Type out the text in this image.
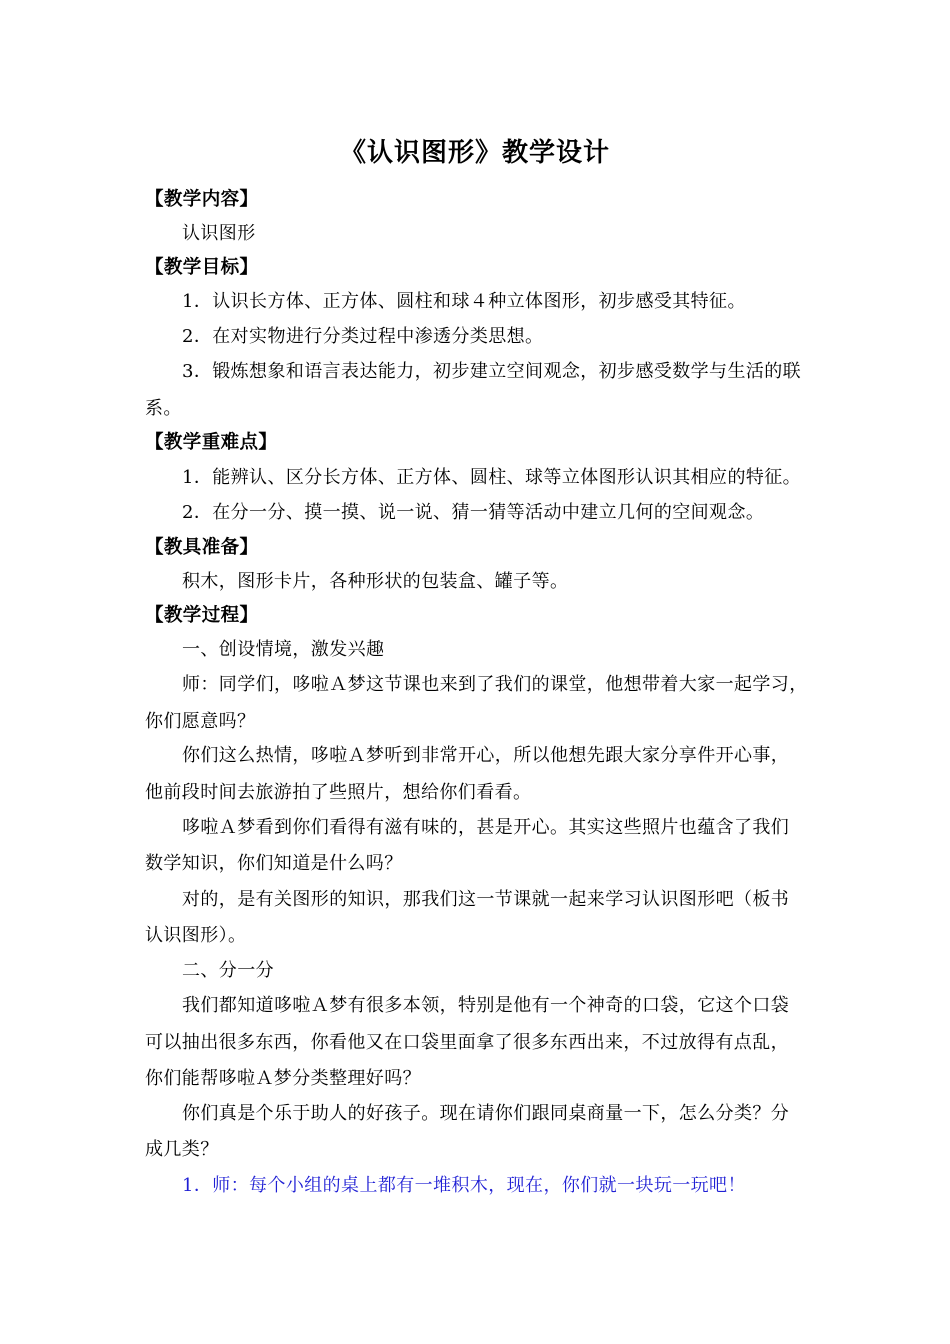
《认识图形》教学设计
【教学内容】
认识图形
【教学目标】
1．认识长方体、正方体、圆柱和球４种立体图形，初步感受其特征。
2．在对实物进行分类过程中渗透分类思想。
3．锻炼想象和语言表达能力，初步建立空间观念，初步感受数学与生活的联
系。
【教学重难点】
1．能辨认、区分长方体、正方体、圆柱、球等立体图形认识其相应的特征。
2．在分一分、摸一摸、说一说、猜一猜等活动中建立几何的空间观念。
【教具准备】
积木，图形卡片，各种形状的包装盒、罐子等。
【教学过程】
一、创设情境，激发兴趣
师：同学们，哆啦Ａ梦这节课也来到了我们的课堂，他想带着大家一起学习，
你们愿意吗？
你们这么热情，哆啦Ａ梦听到非常开心，所以他想先跟大家分享件开心事，
他前段时间去旅游拍了些照片，想给你们看看。
哆啦Ａ梦看到你们看得有滋有味的，甚是开心。其实这些照片也蕴含了我们
数学知识，你们知道是什么吗？
对的，是有关图形的知识，那我们这一节课就一起来学习认识图形吧（板书
认识图形）。
二、分一分
我们都知道哆啦Ａ梦有很多本领，特别是他有一个神奇的口袋，它这个口袋
可以抽出很多东西，你看他又在口袋里面拿了很多东西出来，不过放得有点乱，
你们能帮哆啦Ａ梦分类整理好吗？
你们真是个乐于助人的好孩子。现在请你们跟同桌商量一下，怎么分类？分
成几类？
1．师：每个小组的桌上都有一堆积木，现在，你们就一块玩一玩吧！
